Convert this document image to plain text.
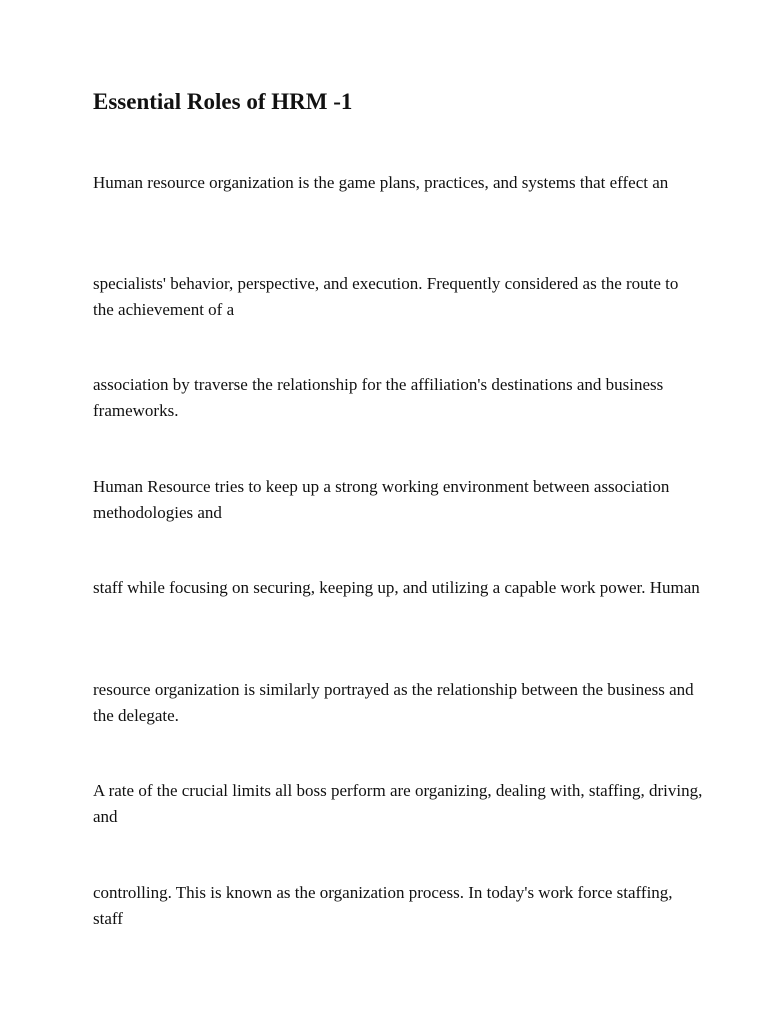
Essential Roles of HRM -1

Human resource organization is the game plans, practices, and systems that effect an

specialists' behavior, perspective, and execution. Frequently considered as the route to the achievement of a

association by traverse the relationship for the affiliation's destinations and business frameworks.

Human Resource tries to keep up a strong working environment between association methodologies and

staff while focusing on securing, keeping up, and utilizing a capable work power. Human

resource organization is similarly portrayed as the relationship between the business and the delegate.

A rate of the crucial limits all boss perform are organizing, dealing with, staffing, driving, and

controlling. This is known as the organization process. In today's work force staffing, staff
